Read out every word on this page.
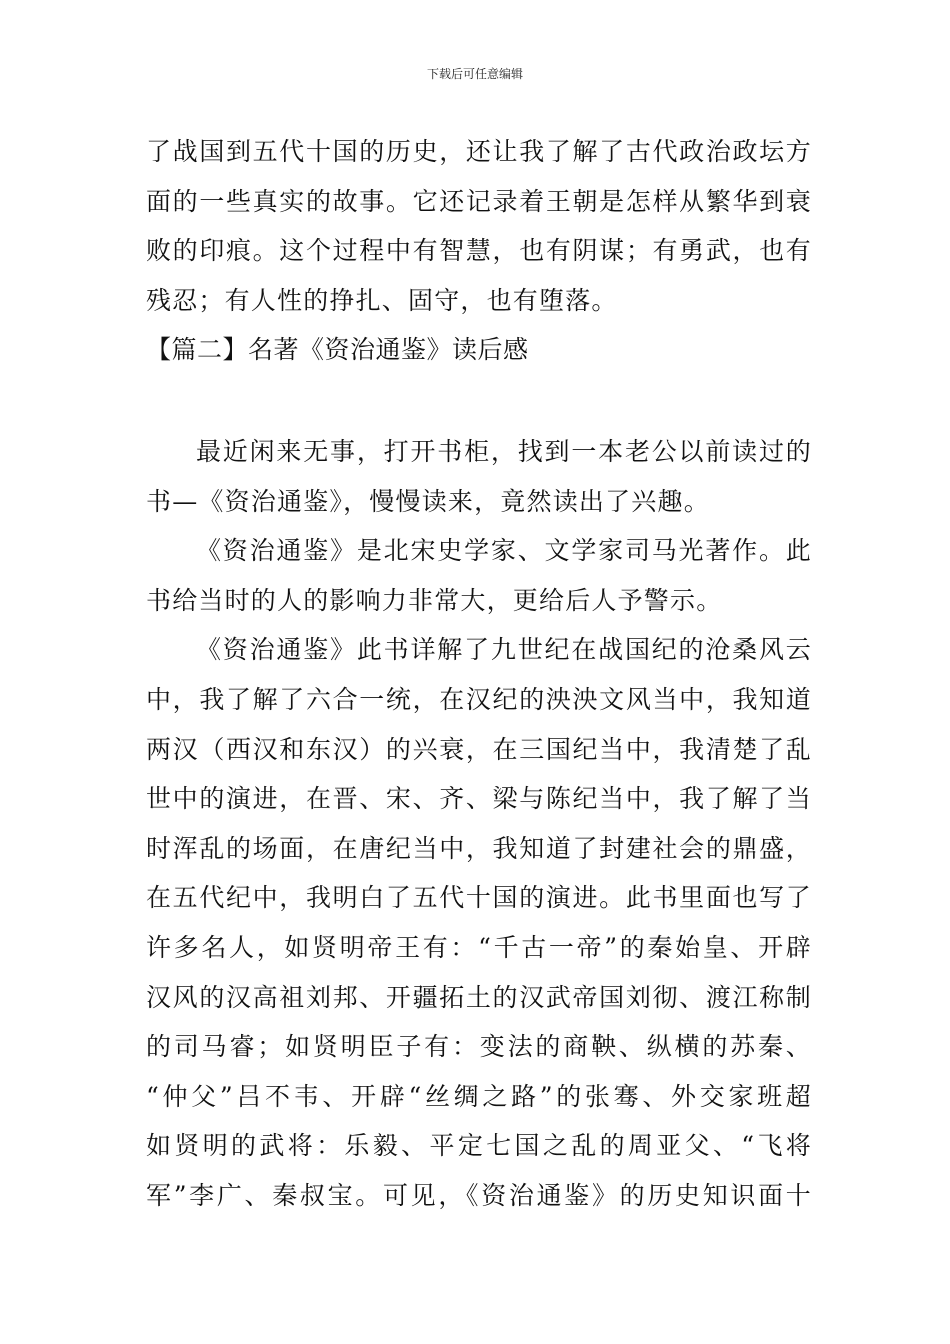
下载后可任意编辑
了战国到五代十国的历史，还让我了解了古代政治政坛方
面的一些真实的故事。它还记录着王朝是怎样从繁华到衰
败的印痕。这个过程中有智慧，也有阴谋；有勇武，也有
残忍；有人性的挣扎、固守，也有堕落。
【篇二】名著《资治通鉴》读后感
最近闲来无事，打开书柜，找到一本老公以前读过的
书—《资治通鉴》，慢慢读来，竟然读出了兴趣。
《资治通鉴》是北宋史学家、文学家司马光著作。此
书给当时的人的影响力非常大，更给后人予警示。
《资治通鉴》此书详解了九世纪在战国纪的沧桑风云
中，我了解了六合一统，在汉纪的泱泱文风当中，我知道
两汉（西汉和东汉）的兴衰，在三国纪当中，我清楚了乱
世中的演进，在晋、宋、齐、梁与陈纪当中，我了解了当
时浑乱的场面，在唐纪当中，我知道了封建社会的鼎盛，
在五代纪中，我明白了五代十国的演进。此书里面也写了
许多名人，如贤明帝王有：“千古一帝”的秦始皇、开辟
汉风的汉高祖刘邦、开疆拓土的汉武帝国刘彻、渡江称制
的司马睿；如贤明臣子有：变法的商鞅、纵横的苏秦、
“仲父”吕不韦、开辟“丝绸之路”的张骞、外交家班超
如贤明的武将：乐毅、平定七国之乱的周亚父、“飞将
军”李广、秦叔宝。可见，《资治通鉴》的历史知识面十
